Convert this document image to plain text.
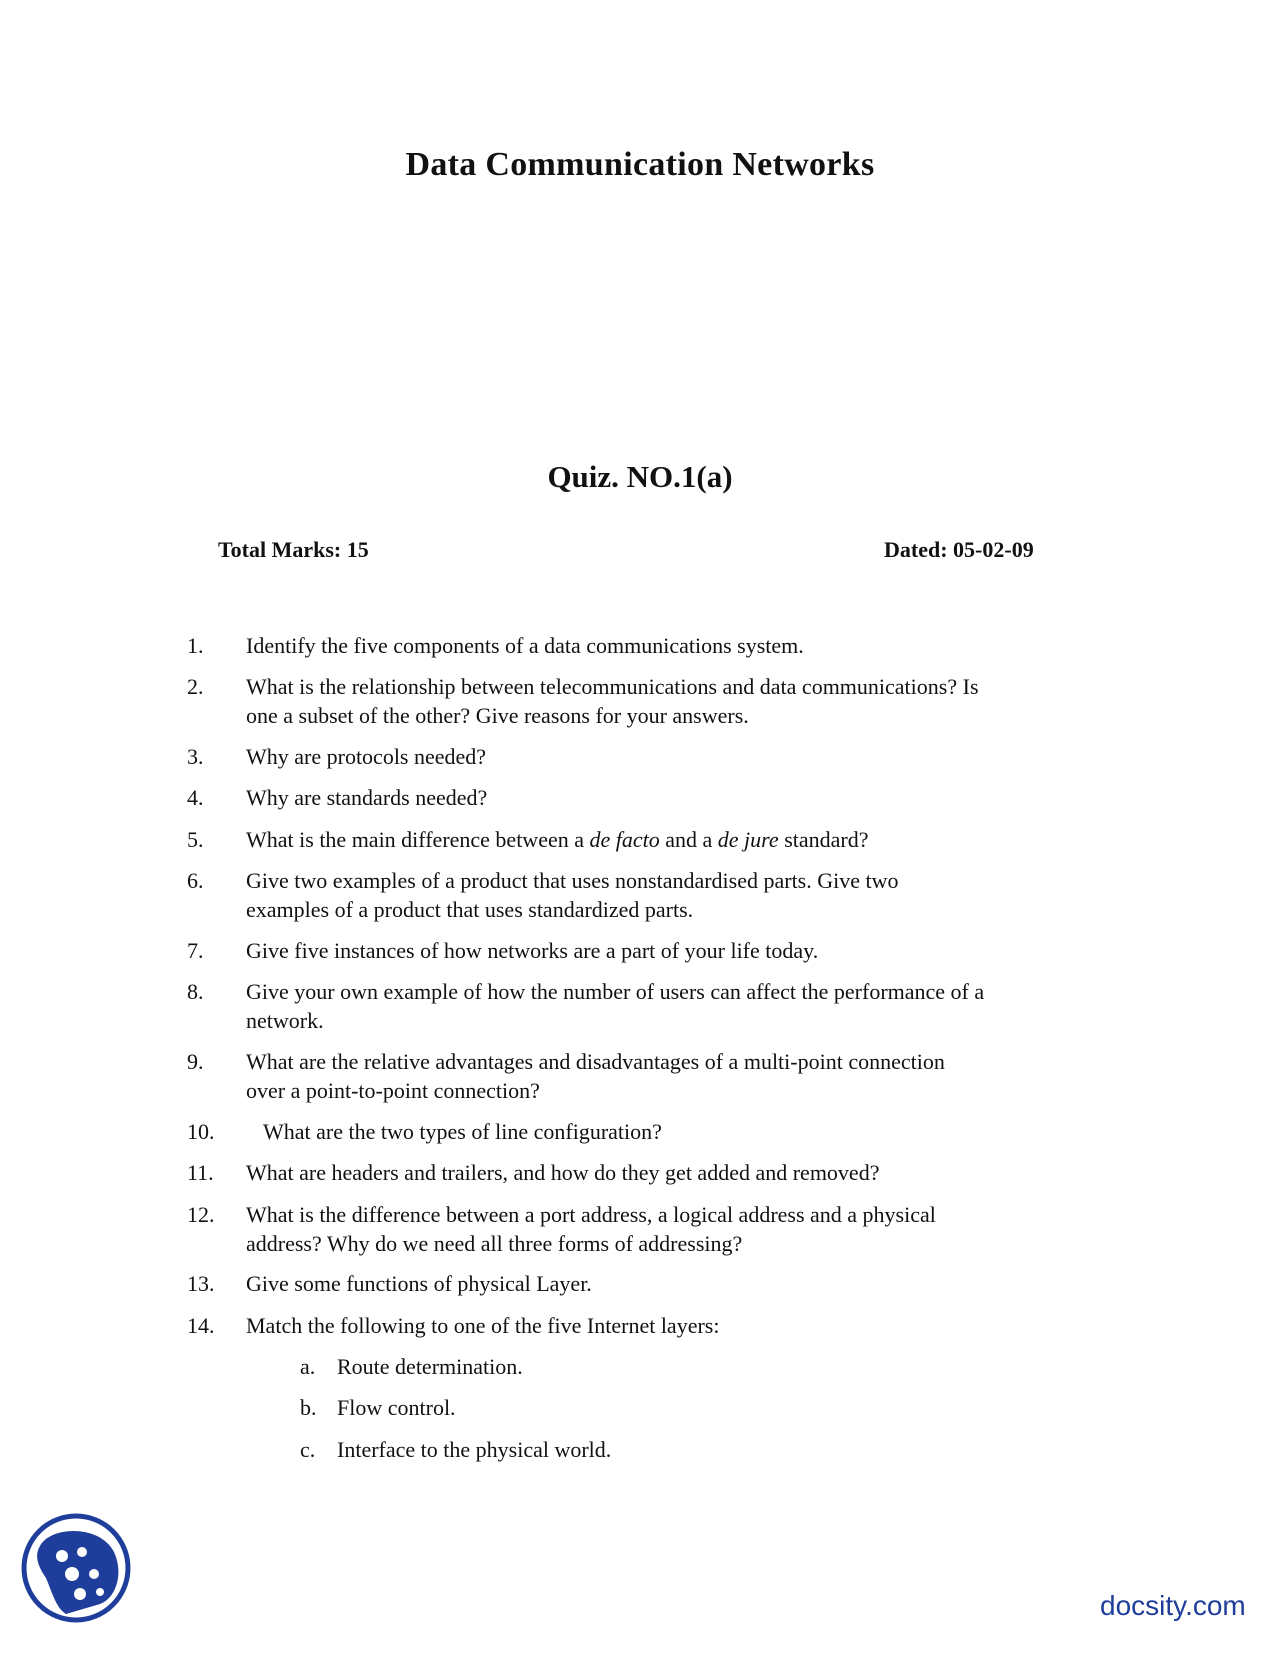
Data Communication Networks
Quiz. NO.1(a)
Total Marks: 15	Dated: 05-02-09
1. Identify the five components of a data communications system.
2. What is the relationship between telecommunications and data communications? Is
one a subset of the other? Give reasons for your answers.
3. Why are protocols needed?
4. Why are standards needed?
5. What is the main difference between a de facto and a de jure standard?
6. Give two examples of a product that uses nonstandardised parts. Give two
examples of a product that uses standardized parts.
7. Give five instances of how networks are a part of your life today.
8. Give your own example of how the number of users can affect the performance of a
network.
9. What are the relative advantages and disadvantages of a multi-point connection
over a point-to-point connection?
10. What are the two types of line configuration?
11. What are headers and trailers, and how do they get added and removed?
12. What is the difference between a port address, a logical address and a physical
address? Why do we need all three forms of addressing?
13. Give some functions of physical Layer.
14. Match the following to one of the five Internet layers:
a. Route determination.
b. Flow control.
c. Interface to the physical world.
docsity.com
